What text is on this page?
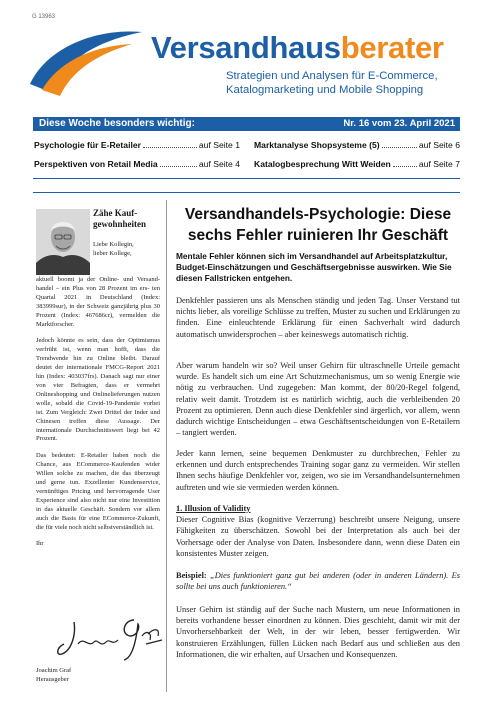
G 13963
Versandhausberater
Strategien und Analysen für E-Commerce,
Katalogmarketing und Mobile Shopping
Diese Woche besonders wichtig:	Nr. 16 vom 23. April 2021
Psychologie für E-Retailer	auf Seite 1
Perspektiven von Retail Media	auf Seite 4
Marktanalyse Shopsysteme (5)	auf Seite 6
Katalogbesprechung Witt Weiden	auf Seite 7
Zähe Kauf-
gewohnheiten
Liebe Kollegin,
lieber Kollege,

aktuell boomt ja der Online- und Versand- handel – ein Plus von 28 Prozent im ers- ten Quartal 2021 in Deutschland (Index: 383999sur), in der Schweiz ganzjährig plus 30 Prozent (Index: 467686cr), vermelden die Marktforscher.

Jedoch könnte es sein, dass der Optimismus verfrüht ist, wenn man hofft, dass die Trendwende hin zu Online bleibt. Darauf deutet der internationale FMCG-Report 2021 hin (Index: 403037frs). Danach sagt nur einer von vier Befragten, dass er vermehrt Onlineshopping und Onlinelieferungen nutzen wolle, sobald die Covid-19-Pandemie vorbei ist. Zum Vergleich: Zwei Drittel der Inder und Chinesen treffen diese Aussage. Der internationale Durchschnittswert liegt bei 42 Prozent.

Das bedeutet: E-Retailer haben noch die Chance, aus ECommerce-Kaufenden wider Willen solche zu machen, die das überzeugt und gerne tun. Exzellenter Kundenservice, vernünftiges Pricing und hervorragende User Experience sind also nicht nur eine Investition in das aktuelle Geschäft. Sondern vor allem auch die Basis für eine ECommerce-Zukunft, die für viele noch nicht selbstverständlich ist.

Ihr
Joachim Graf
Herausgeber
Versandhandels-Psychologie: Diese
sechs Fehler ruinieren Ihr Geschäft
Mentale Fehler können sich im Versandhandel auf Arbeitsplatzkultur, Budget-Einschätzungen und Geschäftsergebnisse auswirken. Wie Sie diesen Fallstricken entgehen.

Denkfehler passieren uns als Menschen ständig und jeden Tag. Unser Verstand tut nichts lieber, als voreilige Schlüsse zu treffen, Muster zu suchen und Erklärungen zu finden. Eine einleuchtende Erklärung für einen Sachverhalt wird dadurch automatisch unwidersprochen – aber keineswegs automatisch richtig.

Aber warum handeln wir so? Weil unser Gehirn für ultraschnelle Urteile gemacht wurde. Es handelt sich um eine Art Schutzmechanismus, um so wenig Energie wie nötig zu verbrauchen. Und zugegeben: Man kommt, der 80/20-Regel folgend, relativ weit damit. Trotzdem ist es natürlich wichtig, auch die verbleibenden 20 Prozent zu optimieren. Denn auch diese Denkfehler sind ärgerlich, vor allem, wenn dadurch wichtige Entscheidungen – etwa Geschäftsentscheidungen von E-Retailern – tangiert werden.

Jeder kann lernen, seine bequemen Denkmuster zu durchbrechen, Fehler zu erkennen und durch entsprechendes Training sogar ganz zu vermeiden. Wir stellen Ihnen sechs häufige Denkfehler vor, zeigen, wo sie im Versandhandelsunternehmen auftreten und wie sie vermieden werden können.

1. Illusion of Validity

Dieser Cognitive Bias (kognitive Verzerrung) beschreibt unsere Neigung, unsere Fähigkeiten zu überschätzen. Sowohl bei der Interpretation als auch bei der Vorhersage oder der Analyse von Daten. Insbesondere dann, wenn diese Daten ein konsistentes Muster zeigen.

Beispiel: „Dies funktioniert ganz gut bei anderen (oder in anderen Ländern). Es sollte bei uns auch funktionieren.“

Unser Gehirn ist ständig auf der Suche nach Mustern, um neue Informationen in bereits vorhandene besser einordnen zu können. Dies geschieht, damit wir mit der Unvorhersehbarkeit der Welt, in der wir leben, besser fertigwerden. Wir konstruieren Erzählungen, füllen Lücken nach Bedarf aus und schließen aus den Informationen, die wir erhalten, auf Ursachen und Konsequenzen.
